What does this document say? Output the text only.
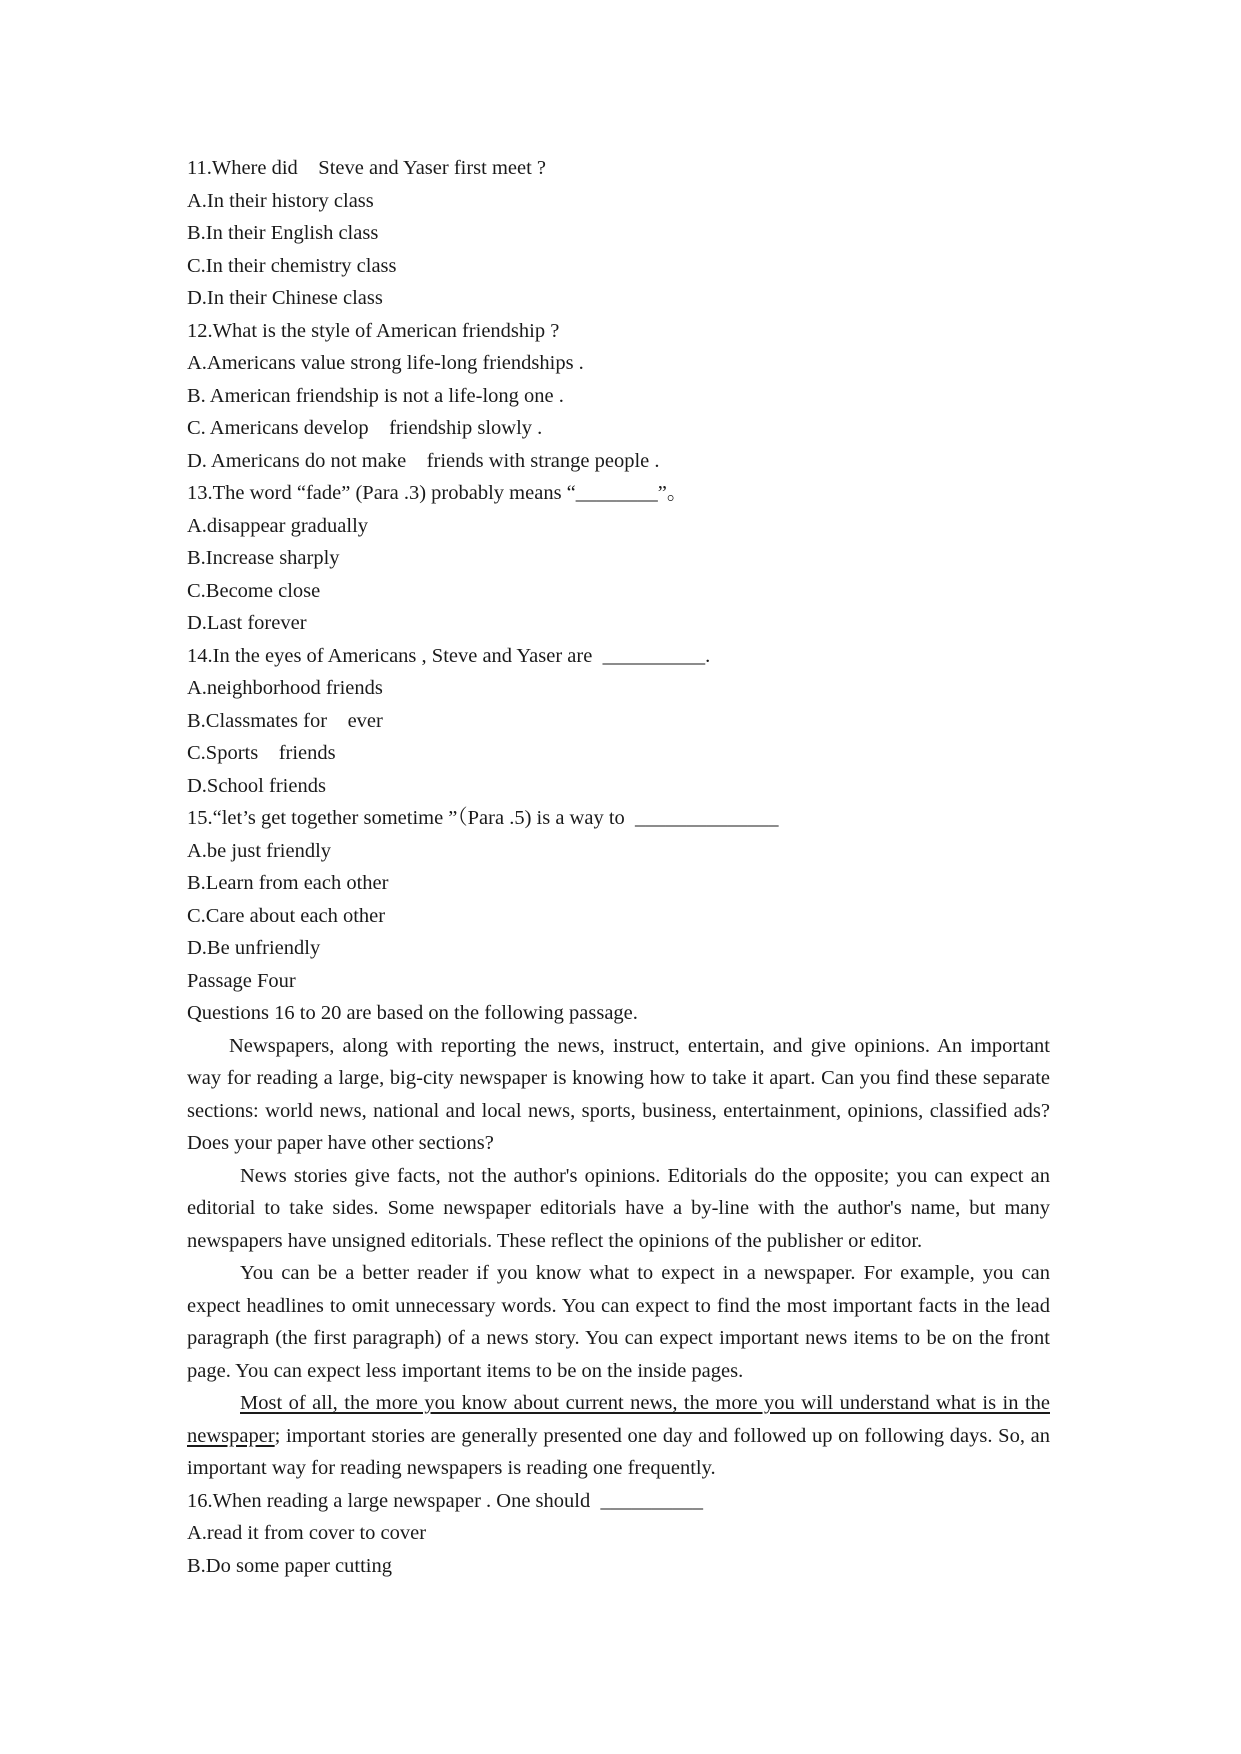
11.Where did    Steve and Yaser first meet ?
A.In their history class
B.In their English class
C.In their chemistry class
D.In their Chinese class
12.What is the style of American friendship ?
A.Americans value strong life-long friendships .
B. American friendship is not a life-long one .
C. Americans develop    friendship slowly .
D. Americans do not make    friends with strange people .
13.The word “fade” (Para .3) probably means “________”。
A.disappear gradually
B.Increase sharply
C.Become close
D.Last forever
14.In the eyes of Americans , Steve and Yaser are  __________.
A.neighborhood friends
B.Classmates for    ever
C.Sports    friends
D.School friends
15.“let’s get together sometime ”（Para .5) is a way to  ______________
A.be just friendly
B.Learn from each other
C.Care about each other
D.Be unfriendly
Passage Four
Questions 16 to 20 are based on the following passage.
Newspapers, along with reporting the news, instruct, entertain, and give opinions. An important way for reading a large, big-city newspaper is knowing how to take it apart. Can you find these separate sections: world news, national and local news, sports, business, entertainment, opinions, classified ads? Does your paper have other sections?
News stories give facts, not the author's opinions. Editorials do the opposite; you can expect an editorial to take sides. Some newspaper editorials have a by-line with the author's name, but many newspapers have unsigned editorials. These reflect the opinions of the publisher or editor.
You can be a better reader if you know what to expect in a newspaper. For example, you can expect headlines to omit unnecessary words. You can expect to find the most important facts in the lead paragraph (the first paragraph) of a news story. You can expect important news items to be on the front page. You can expect less important items to be on the inside pages.
Most of all, the more you know about current news, the more you will understand what is in the newspaper; important stories are generally presented one day and followed up on following days. So, an important way for reading newspapers is reading one frequently.
16.When reading a large newspaper . One should  __________
A.read it from cover to cover
B.Do some paper cutting
